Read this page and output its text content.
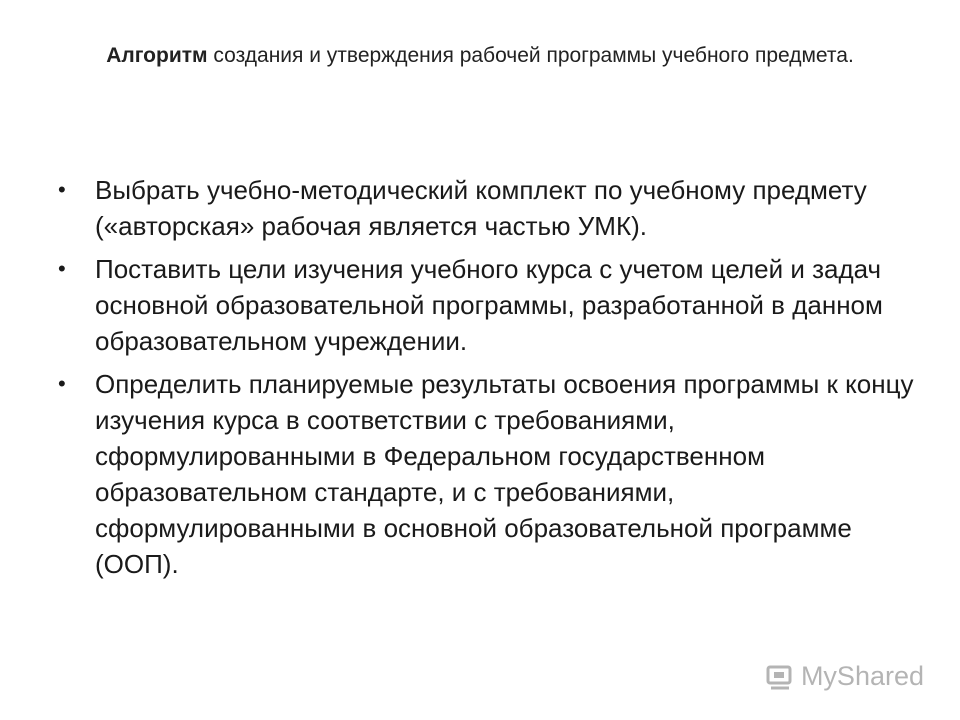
Алгоритм создания и утверждения рабочей программы учебного предмета.
•	Выбрать учебно-методический комплект по учебному предмету («авторская» рабочая является частью УМК).
•	Поставить цели изучения учебного курса с учетом целей и задач основной образовательной программы, разработанной в данном образовательном учреждении.
•	Определить планируемые результаты освоения программы к концу изучения курса в соответствии с требованиями, сформулированными в Федеральном государственном образовательном стандарте, и с требованиями, сформулированными в основной образовательной программе (ООП).
MyShared
